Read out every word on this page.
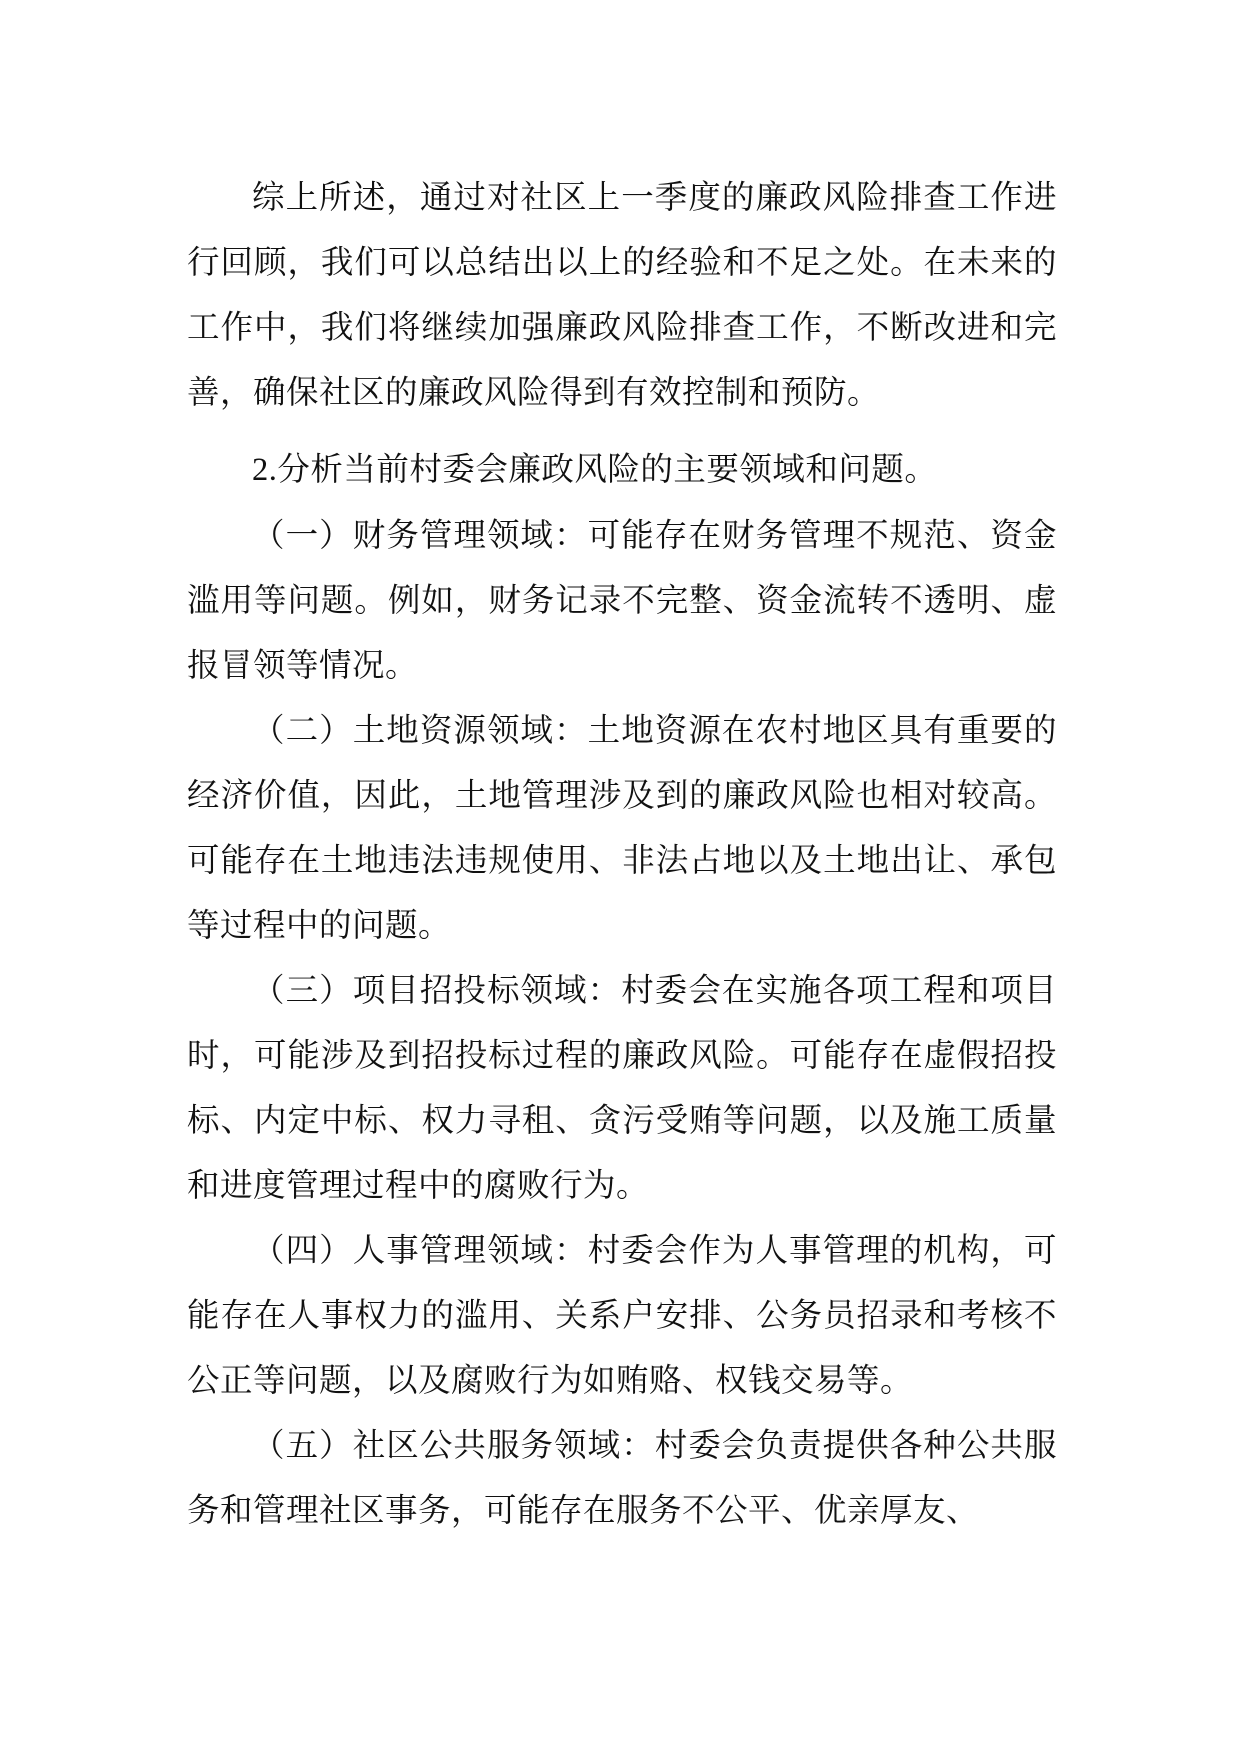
综上所述，通过对社区上一季度的廉政风险排查工作进行回顾，我们可以总结出以上的经验和不足之处。在未来的工作中，我们将继续加强廉政风险排查工作，不断改进和完善，确保社区的廉政风险得到有效控制和预防。

2.分析当前村委会廉政风险的主要领域和问题。

（一）财务管理领域：可能存在财务管理不规范、资金滥用等问题。例如，财务记录不完整、资金流转不透明、虚报冒领等情况。

（二）土地资源领域：土地资源在农村地区具有重要的经济价值，因此，土地管理涉及到的廉政风险也相对较高。可能存在土地违法违规使用、非法占地以及土地出让、承包等过程中的问题。

（三）项目招投标领域：村委会在实施各项工程和项目时，可能涉及到招投标过程的廉政风险。可能存在虚假招投标、内定中标、权力寻租、贪污受贿等问题，以及施工质量和进度管理过程中的腐败行为。

（四）人事管理领域：村委会作为人事管理的机构，可能存在人事权力的滥用、关系户安排、公务员招录和考核不公正等问题，以及腐败行为如贿赂、权钱交易等。

（五）社区公共服务领域：村委会负责提供各种公共服务和管理社区事务，可能存在服务不公平、优亲厚友、
